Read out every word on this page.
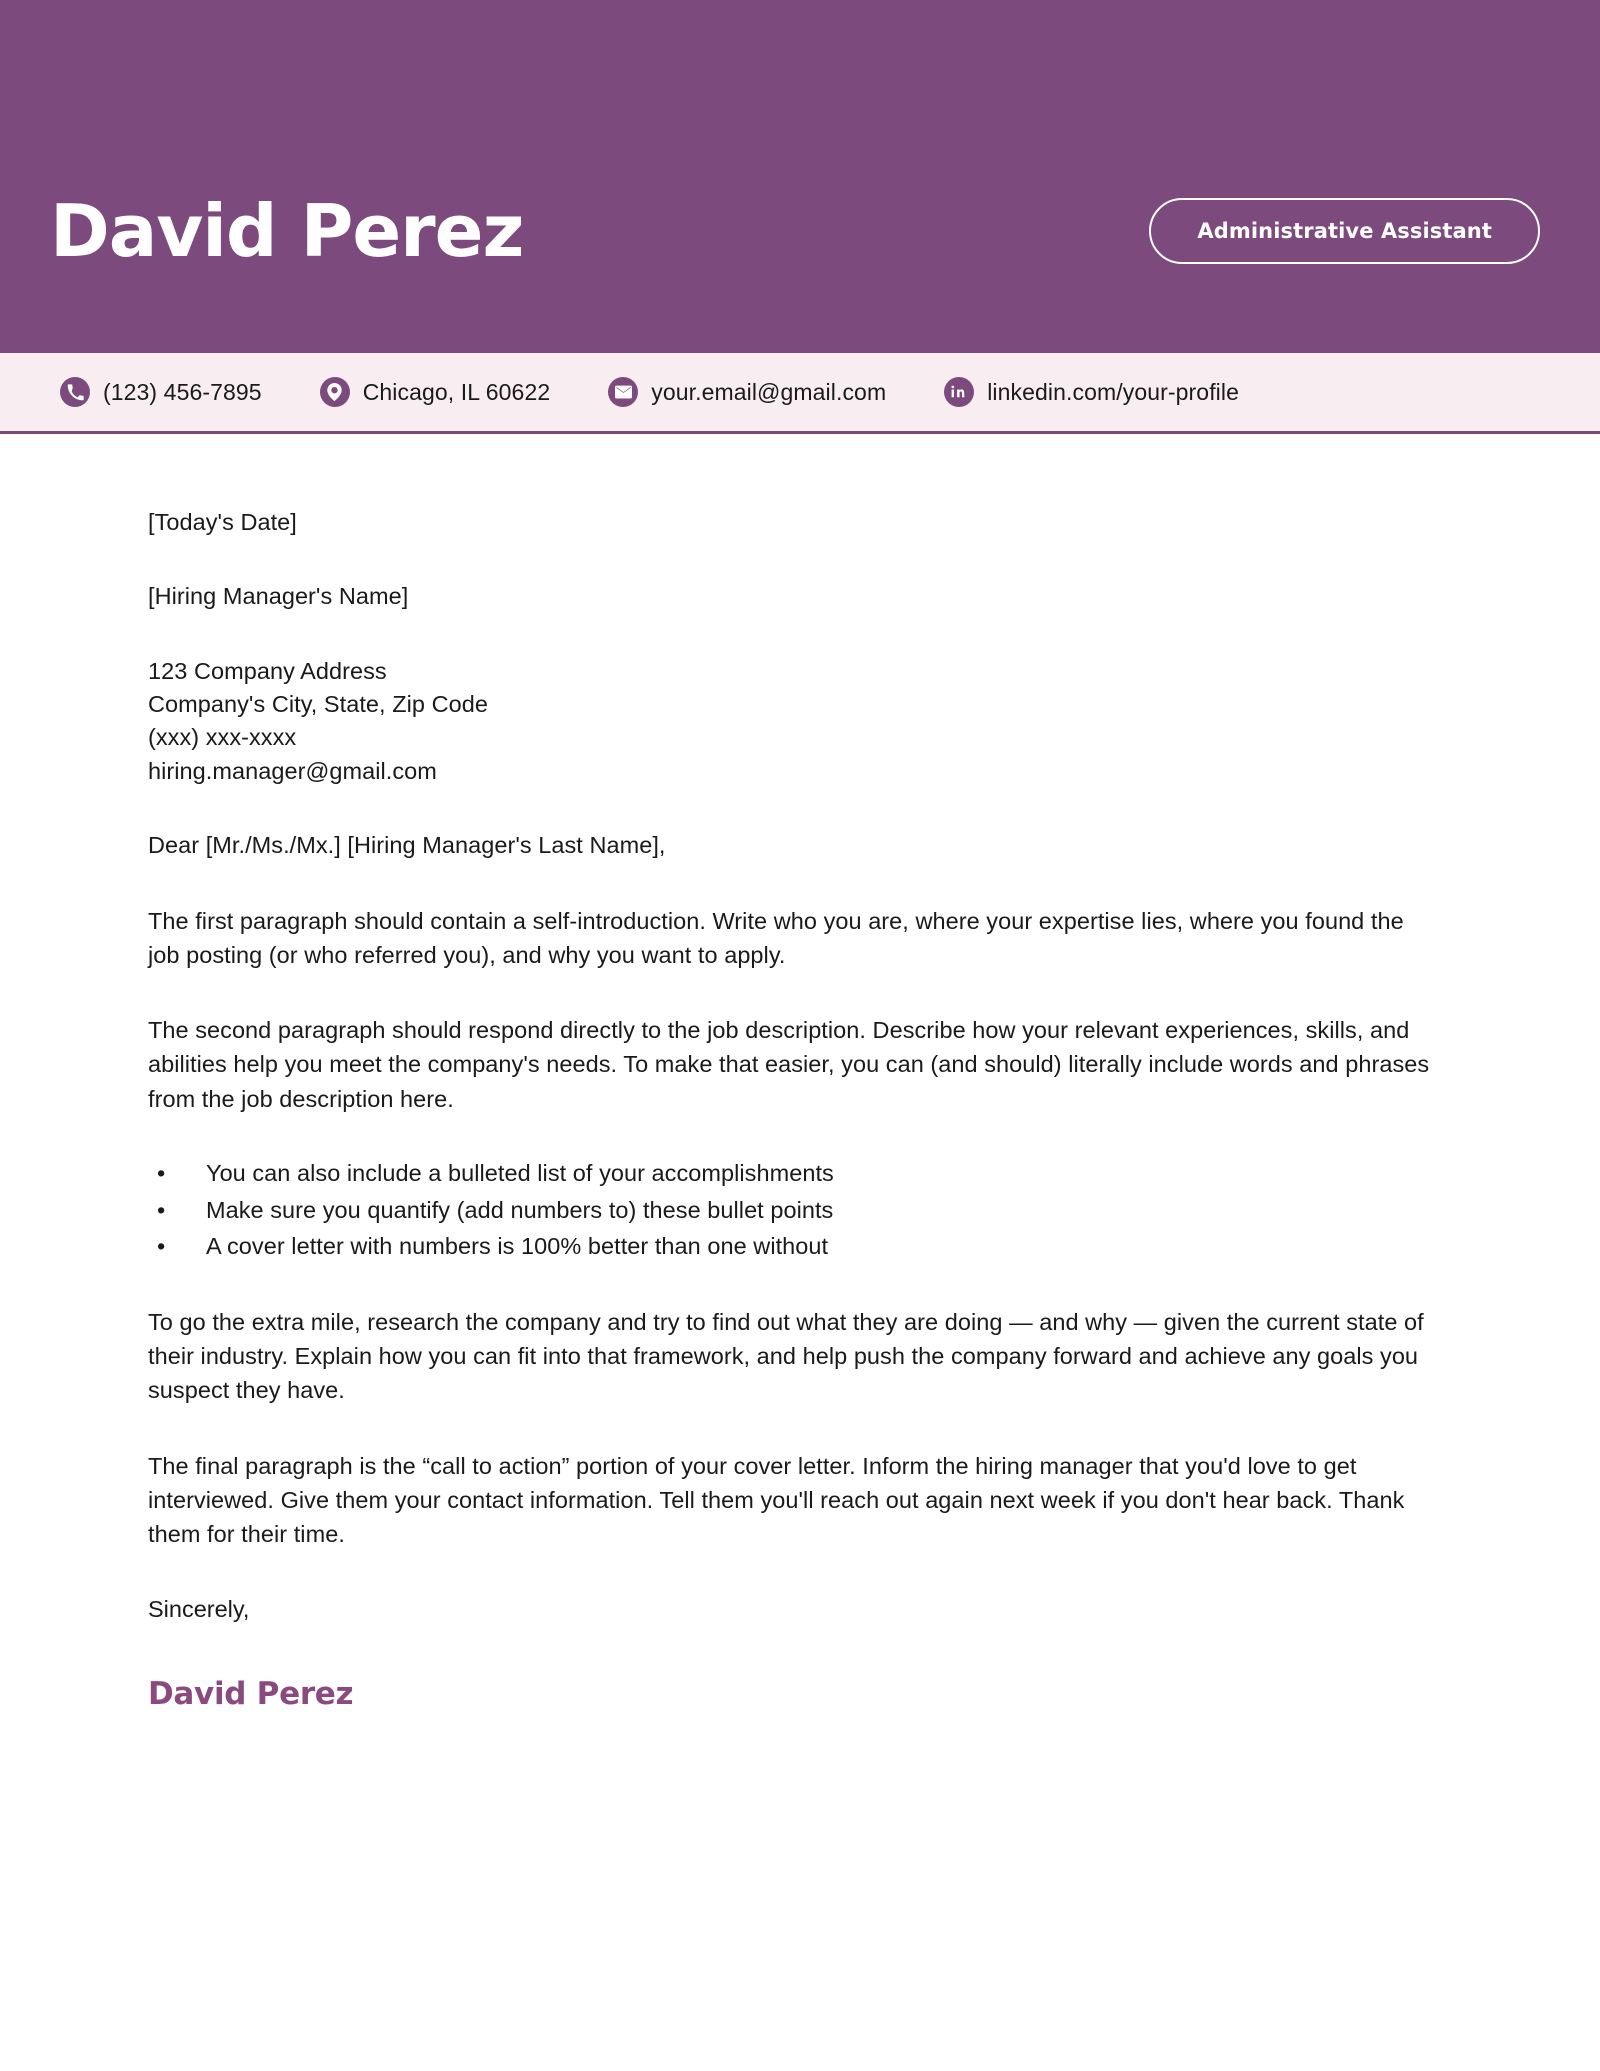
David Perez	Administrative Assistant
(123) 456-7895	Chicago, IL 60622	your.email@gmail.com	linkedin.com/your-profile
[Today's Date]
[Hiring Manager's Name]
123 Company Address
Company's City, State, Zip Code
(xxx) xxx-xxxx
hiring.manager@gmail.com
Dear [Mr./Ms./Mx.] [Hiring Manager's Last Name],

The first paragraph should contain a self-introduction. Write who you are, where your expertise lies, where you found the job posting (or who referred you), and why you want to apply.

The second paragraph should respond directly to the job description. Describe how your relevant experiences, skills, and abilities help you meet the company's needs. To make that easier, you can (and should) literally include words and phrases from the job description here.

• You can also include a bulleted list of your accomplishments
• Make sure you quantify (add numbers to) these bullet points
• A cover letter with numbers is 100% better than one without

To go the extra mile, research the company and try to find out what they are doing — and why — given the current state of their industry. Explain how you can fit into that framework, and help push the company forward and achieve any goals you suspect they have.

The final paragraph is the “call to action” portion of your cover letter. Inform the hiring manager that you'd love to get interviewed. Give them your contact information. Tell them you'll reach out again next week if you don't hear back. Thank them for their time.

Sincerely,
David Perez
